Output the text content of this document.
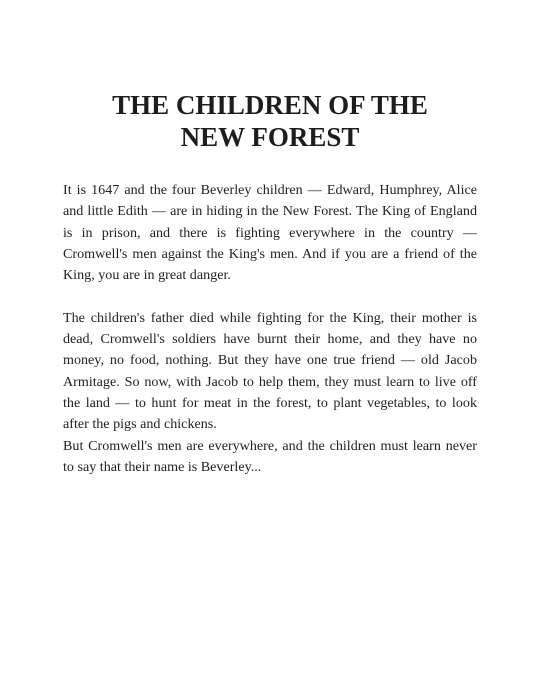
THE CHILDREN OF THE
NEW FOREST

It is 1647 and the four Beverley children — Edward, Humphrey, Alice and little Edith — are in hiding in the New Forest. The King of England is in prison, and there is fighting everywhere in the country — Cromwell's men against the King's men. And if you are a friend of the King, you are in great danger.

The children's father died while fighting for the King, their mother is dead, Cromwell's soldiers have burnt their home, and they have no money, no food, nothing. But they have one true friend — old Jacob Armitage. So now, with Jacob to help them, they must learn to live off the land — to hunt for meat in the forest, to plant vegetables, to look after the pigs and chickens.

But Cromwell's men are everywhere, and the children must learn never to say that their name is Beverley...
